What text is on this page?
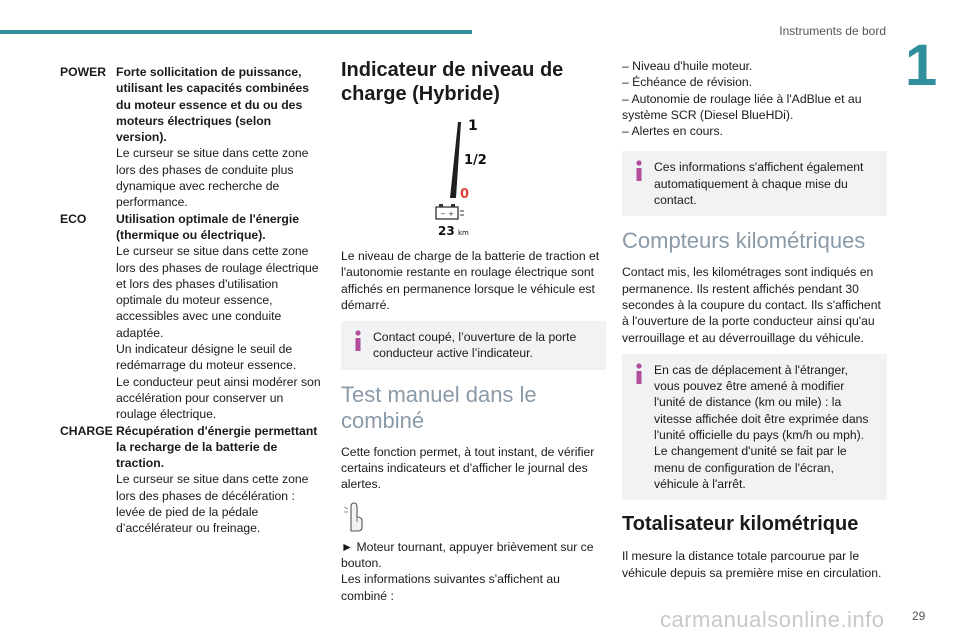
Instruments de bord
1
29
carmanualsonline.info
POWER Forte sollicitation de puissance, utilisant les capacités combinées du moteur essence et du ou des moteurs électriques (selon version).
Le curseur se situe dans cette zone lors des phases de conduite plus dynamique avec recherche de performance.
ECO	Utilisation optimale de l'énergie (thermique ou électrique).
Le curseur se situe dans cette zone lors des phases de roulage électrique et lors des phases d'utilisation optimale du moteur essence, accessibles avec une conduite adaptée.
Un indicateur désigne le seuil de redémarrage du moteur essence.
Le conducteur peut ainsi modérer son accélération pour conserver un roulage électrique.
CHARGE Récupération d'énergie permettant la recharge de la batterie de traction.
Le curseur se situe dans cette zone lors des phases de décélération : levée de pied de la pédale d’accélérateur ou freinage.
Indicateur de niveau de charge (Hybride)
1
1/2
0
− +
23 km

Le niveau de charge de la batterie de traction et l'autonomie restante en roulage électrique sont affichés en permanence lorsque le véhicule est démarré.

Contact coupé, l’ouverture de la porte conducteur active l’indicateur.
Test manuel dans le combiné

Cette fonction permet, à tout instant, de vérifier certains indicateurs et d'afficher le journal des alertes.

► Moteur tournant, appuyer brièvement sur ce bouton.
Les informations suivantes s'affichent au combiné :

– Niveau d'huile moteur.
– Échéance de révision.
– Autonomie de roulage liée à l'AdBlue et au système SCR (Diesel BlueHDi).
– Alertes en cours.
Ces informations s'affichent également automatiquement à chaque mise du contact.
Compteurs kilométriques

Contact mis, les kilométrages sont indiqués en permanence. Ils restent affichés pendant 30 secondes à la coupure du contact. Ils s'affichent à l'ouverture de la porte conducteur ainsi qu'au verrouillage et au déverrouillage du véhicule.

En cas de déplacement à l'étranger, vous pouvez être amené à modifier l'unité de distance (km ou mile) : la vitesse affichée doit être exprimée dans l'unité officielle du pays (km/h ou mph).
Le changement d'unité se fait par le menu de configuration de l'écran, véhicule à l'arrêt.
Totalisateur kilométrique

Il mesure la distance totale parcourue par le véhicule depuis sa première mise en circulation.
